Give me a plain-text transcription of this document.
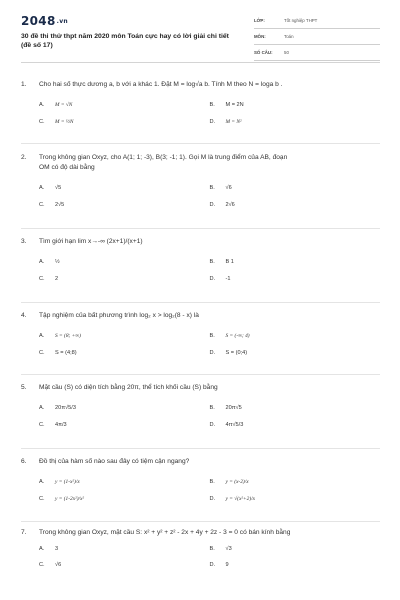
2048.vn
30 đề thi thử thpt năm 2020 môn Toán cực hay có lời giải chi tiết (đề số 17)
LỚP:	Tốt nghiệp THPT
MÔN:	Toán
SỐ CÂU:	50
1.	Cho hai số thực dương a, b với a khác 1. Đặt M = log√a b. Tính M theo N = loga b .
A.	M = √N	B.	M = 2N
C.	M = ½N	D.	M = N²
2.	Trong không gian Oxyz, cho A(1; 1; -3), B(3; -1; 1). Gọi M là trung điểm của AB, đoạn OM có độ dài bằng
A.	√5	B.	√6
C.	2√5	D.	2√6
3.	Tìm giới hạn lim x→-∞ (2x+1)/(x+1)
A.	½	B.	B 1
C.	2	D.	-1
4.	Tập nghiệm của bất phương trình log₂ x > log₂(8 - x) là
A.	S = (8; +∞)	B.	S = (-∞; 4)
C.	S = (4;8)	D.	S = (0;4)
5.	Mặt cầu (S) có diện tích bằng 20π, thể tích khối cầu (S) bằng
A.	20π√5/3	B.	20π√5
C.	4π/3	D.	4π√5/3
6.	Đồ thị của hàm số nào sau đây có tiệm cận ngang?
A.	y = (1-x²)/x	B.	y = (x-2)/x
C.	y = (1-2x²)/x²	D.	y = √(x²+2)/x
7.	Trong không gian Oxyz, mặt cầu S: x² + y² + z² - 2x + 4y + 2z - 3 = 0 có bán kính bằng
A.	3	B.	√3
C.	√6	D.	9
